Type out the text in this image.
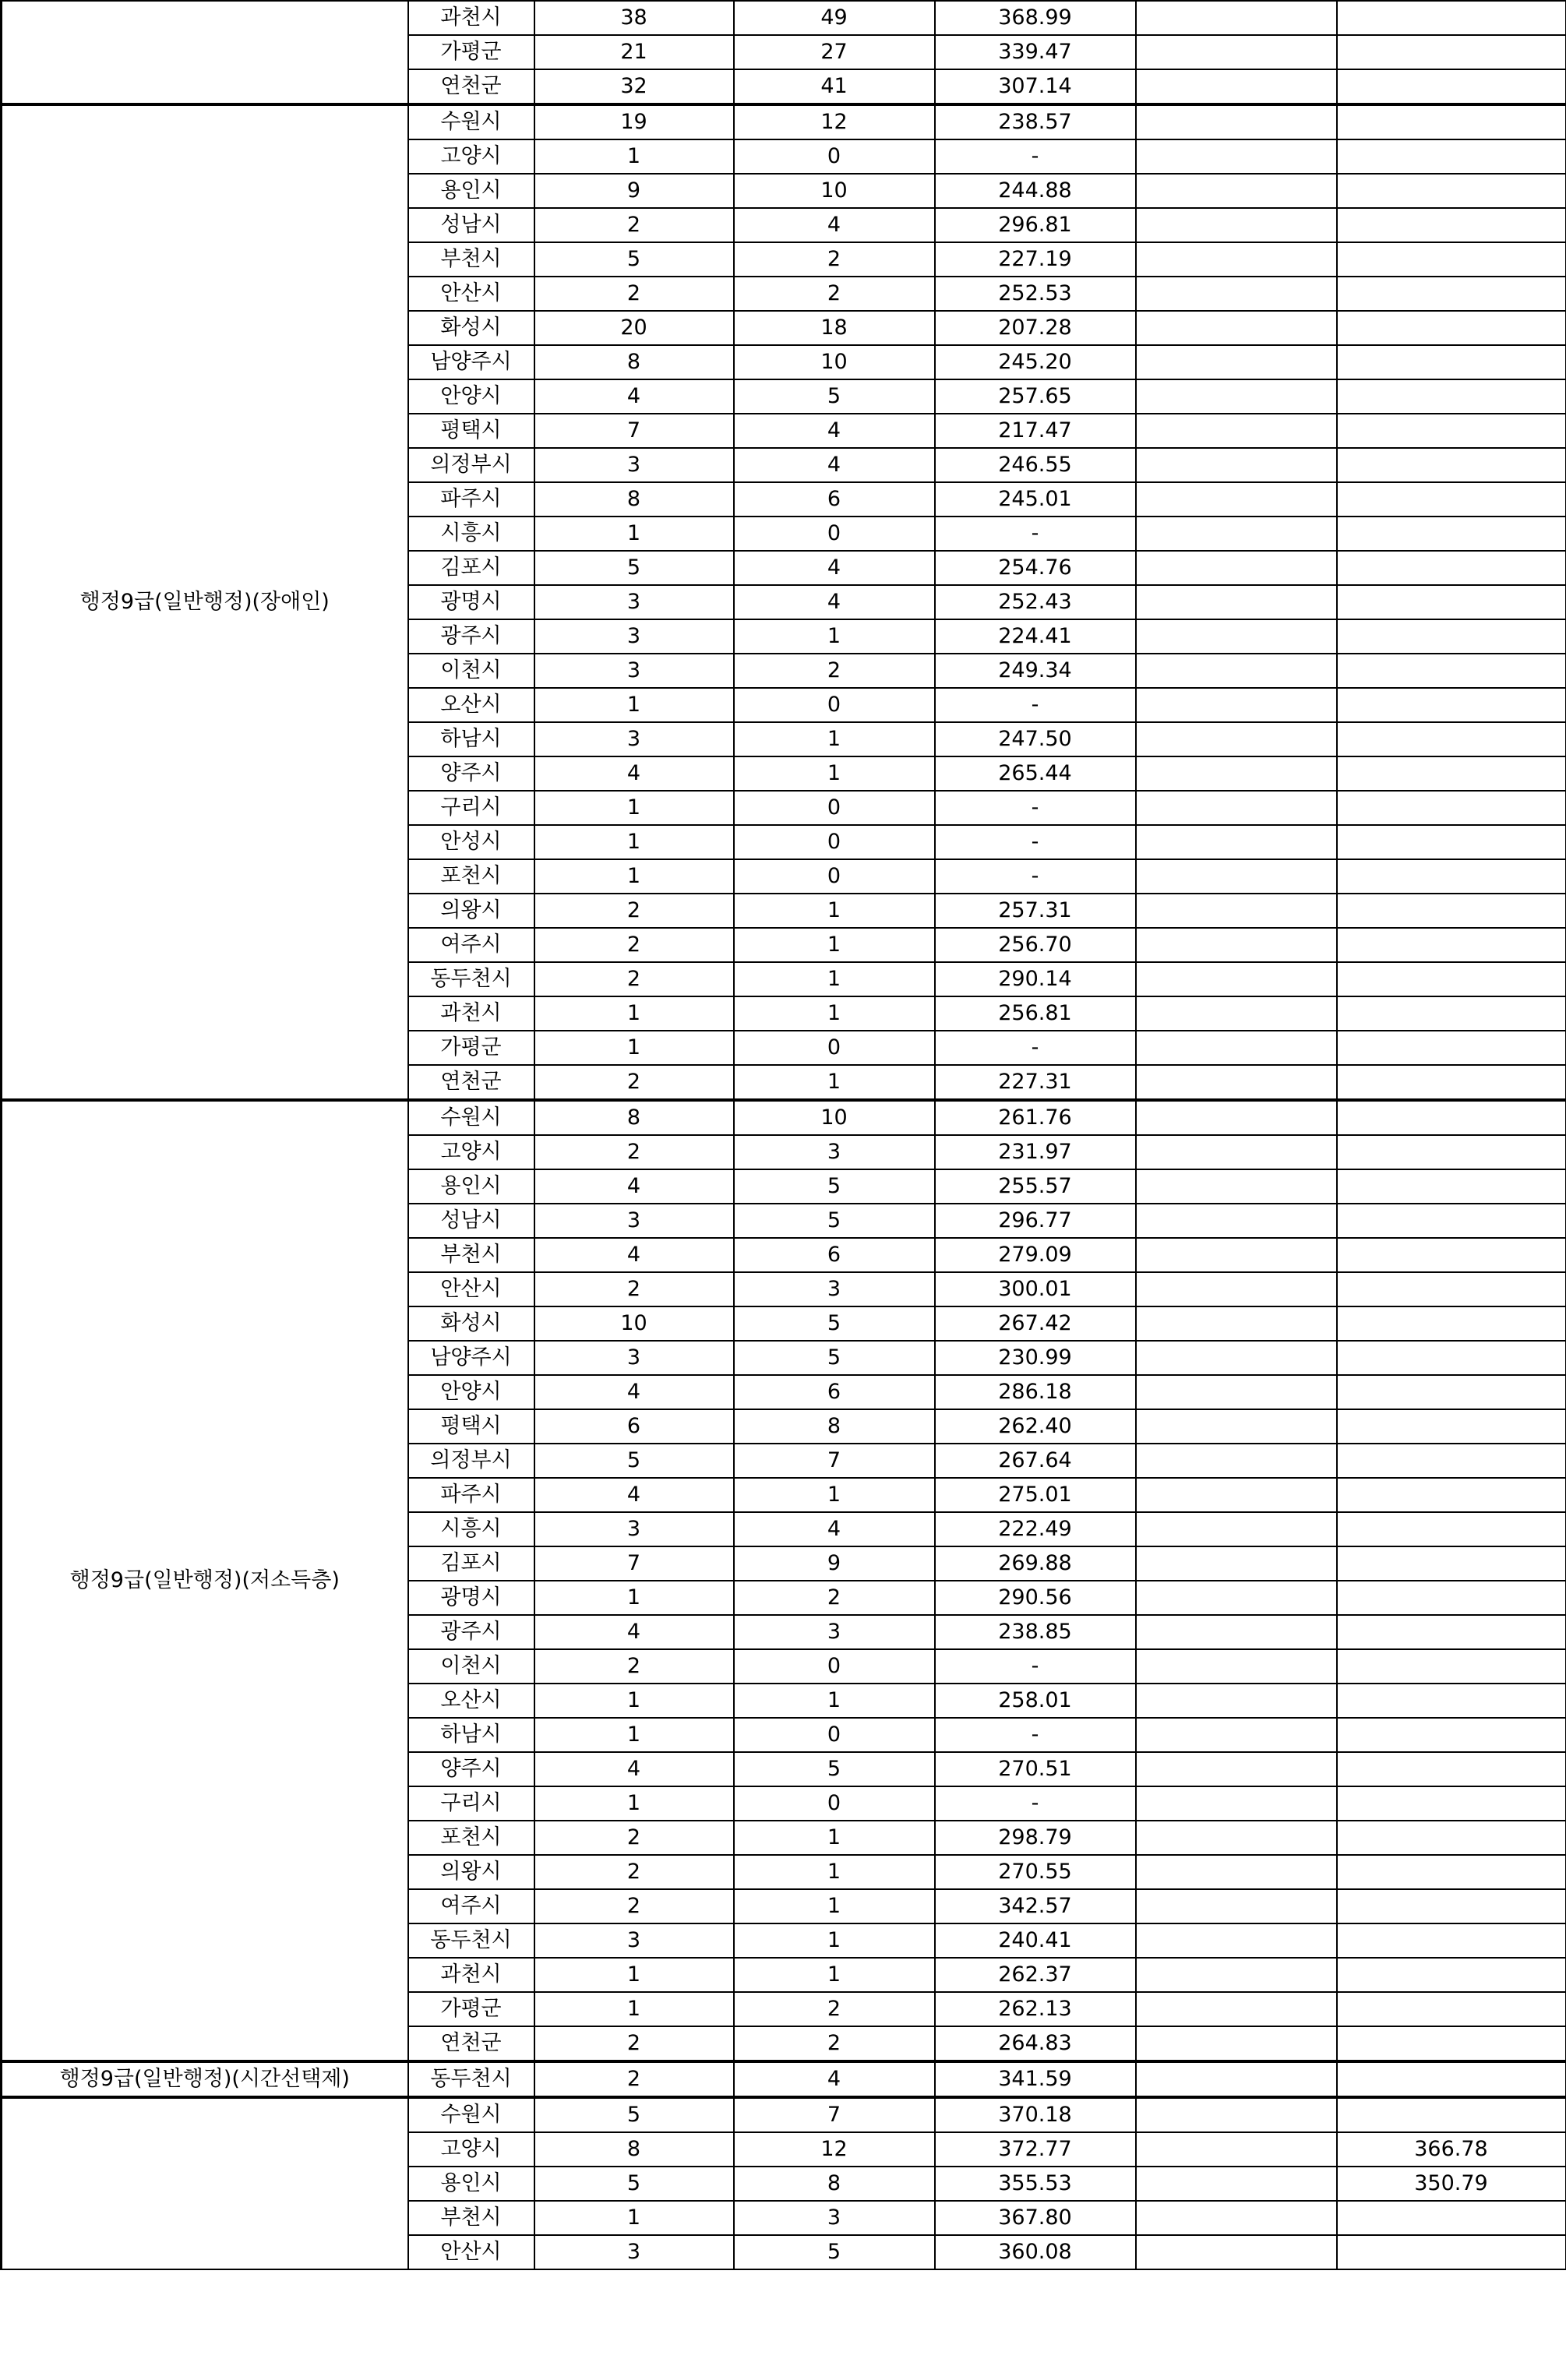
	과천시	38	49	368.99		
	가평군	21	27	339.47		
	연천군	32	41	307.14		
행정9급(일반행정)(장애인)	수원시	19	12	238.57		
	고양시	1	0	-		
	용인시	9	10	244.88		
	성남시	2	4	296.81		
	부천시	5	2	227.19		
	안산시	2	2	252.53		
	화성시	20	18	207.28		
	남양주시	8	10	245.20		
	안양시	4	5	257.65		
	평택시	7	4	217.47		
	의정부시	3	4	246.55		
	파주시	8	6	245.01		
	시흥시	1	0	-		
	김포시	5	4	254.76		
	광명시	3	4	252.43		
	광주시	3	1	224.41		
	이천시	3	2	249.34		
	오산시	1	0	-		
	하남시	3	1	247.50		
	양주시	4	1	265.44		
	구리시	1	0	-		
	안성시	1	0	-		
	포천시	1	0	-		
	의왕시	2	1	257.31		
	여주시	2	1	256.70		
	동두천시	2	1	290.14		
	과천시	1	1	256.81		
	가평군	1	0	-		
	연천군	2	1	227.31		
행정9급(일반행정)(저소득층)	수원시	8	10	261.76		
	고양시	2	3	231.97		
	용인시	4	5	255.57		
	성남시	3	5	296.77		
	부천시	4	6	279.09		
	안산시	2	3	300.01		
	화성시	10	5	267.42		
	남양주시	3	5	230.99		
	안양시	4	6	286.18		
	평택시	6	8	262.40		
	의정부시	5	7	267.64		
	파주시	4	1	275.01		
	시흥시	3	4	222.49		
	김포시	7	9	269.88		
	광명시	1	2	290.56		
	광주시	4	3	238.85		
	이천시	2	0	-		
	오산시	1	1	258.01		
	하남시	1	0	-		
	양주시	4	5	270.51		
	구리시	1	0	-		
	포천시	2	1	298.79		
	의왕시	2	1	270.55		
	여주시	2	1	342.57		
	동두천시	3	1	240.41		
	과천시	1	1	262.37		
	가평군	1	2	262.13		
	연천군	2	2	264.83		
행정9급(일반행정)(시간선택제)	동두천시	2	4	341.59		
	수원시	5	7	370.18		
	고양시	8	12	372.77		366.78
	용인시	5	8	355.53		350.79
	부천시	1	3	367.80		
	안산시	3	5	360.08		
